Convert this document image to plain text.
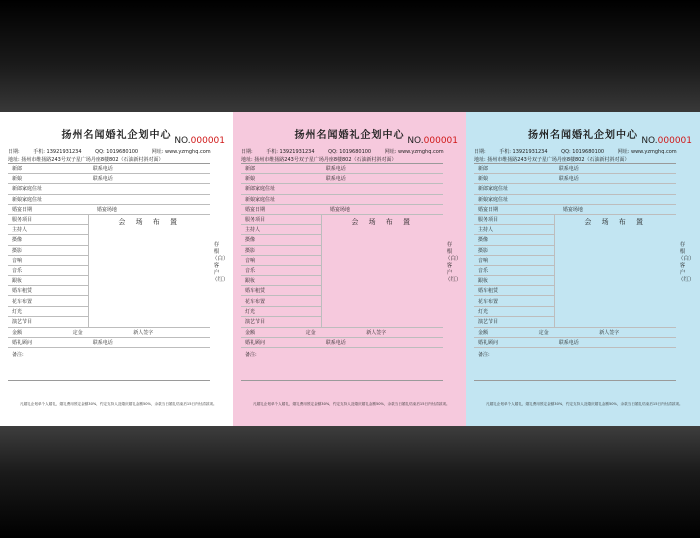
扬州名闻婚礼企划中心 NO.000001
日期:	手机: 13921931234	QQ: 1019680100	网址: www.yzmghq.com
地址: 扬州市维扬路243号双子星广场丹座8楼802（石油新村斜对面）
新郎	联系电话
新娘	联系电话
新郎家庭住址
新娘家庭住址
婚宴日期	婚宴场地
服务项目
主持人
摄像
摄影
音响
音乐
跟妆
婚车租赁
花车布置
灯光
演艺节目
会 场 布 置
金额	定金	新人签字
婚礼顾问	联系电话
备注:
存根（白）客户（红）
凡婚礼企划单个人婚礼，婚礼费用预定金额30%，约定支持人及婚庆婚礼金额50%，余款当日婚礼结束后15日内付清款项。
扬州名闻婚礼企划中心 NO.000001
日期:	手机: 13921931234	QQ: 1019680100	网址: www.yzmghq.com
地址: 扬州市维扬路243号双子星广场丹座8楼802（石油新村斜对面）
新郎	联系电话
新娘	联系电话
新郎家庭住址
新娘家庭住址
婚宴日期	婚宴场地
服务项目
主持人
摄像
摄影
音响
音乐
跟妆
婚车租赁
花车布置
灯光
演艺节目
会 场 布 置
金额	定金	新人签字
婚礼顾问	联系电话
备注:
存根（白）客户（红）
凡婚礼企划单个人婚礼，婚礼费用预定金额30%，约定支持人及婚庆婚礼金额50%，余款当日婚礼结束后15日内付清款项。
扬州名闻婚礼企划中心 NO.000001
日期:	手机: 13921931234	QQ: 1019680100	网址: www.yzmghq.com
地址: 扬州市维扬路243号双子星广场丹座8楼802（石油新村斜对面）
新郎	联系电话
新娘	联系电话
新郎家庭住址
新娘家庭住址
婚宴日期	婚宴场地
服务项目
主持人
摄像
摄影
音响
音乐
跟妆
婚车租赁
花车布置
灯光
演艺节目
会 场 布 置
金额	定金	新人签字
婚礼顾问	联系电话
备注:
存根（白）客户（红）
凡婚礼企划单个人婚礼，婚礼费用预定金额30%，约定支持人及婚庆婚礼金额50%，余款当日婚礼结束后15日内付清款项。
